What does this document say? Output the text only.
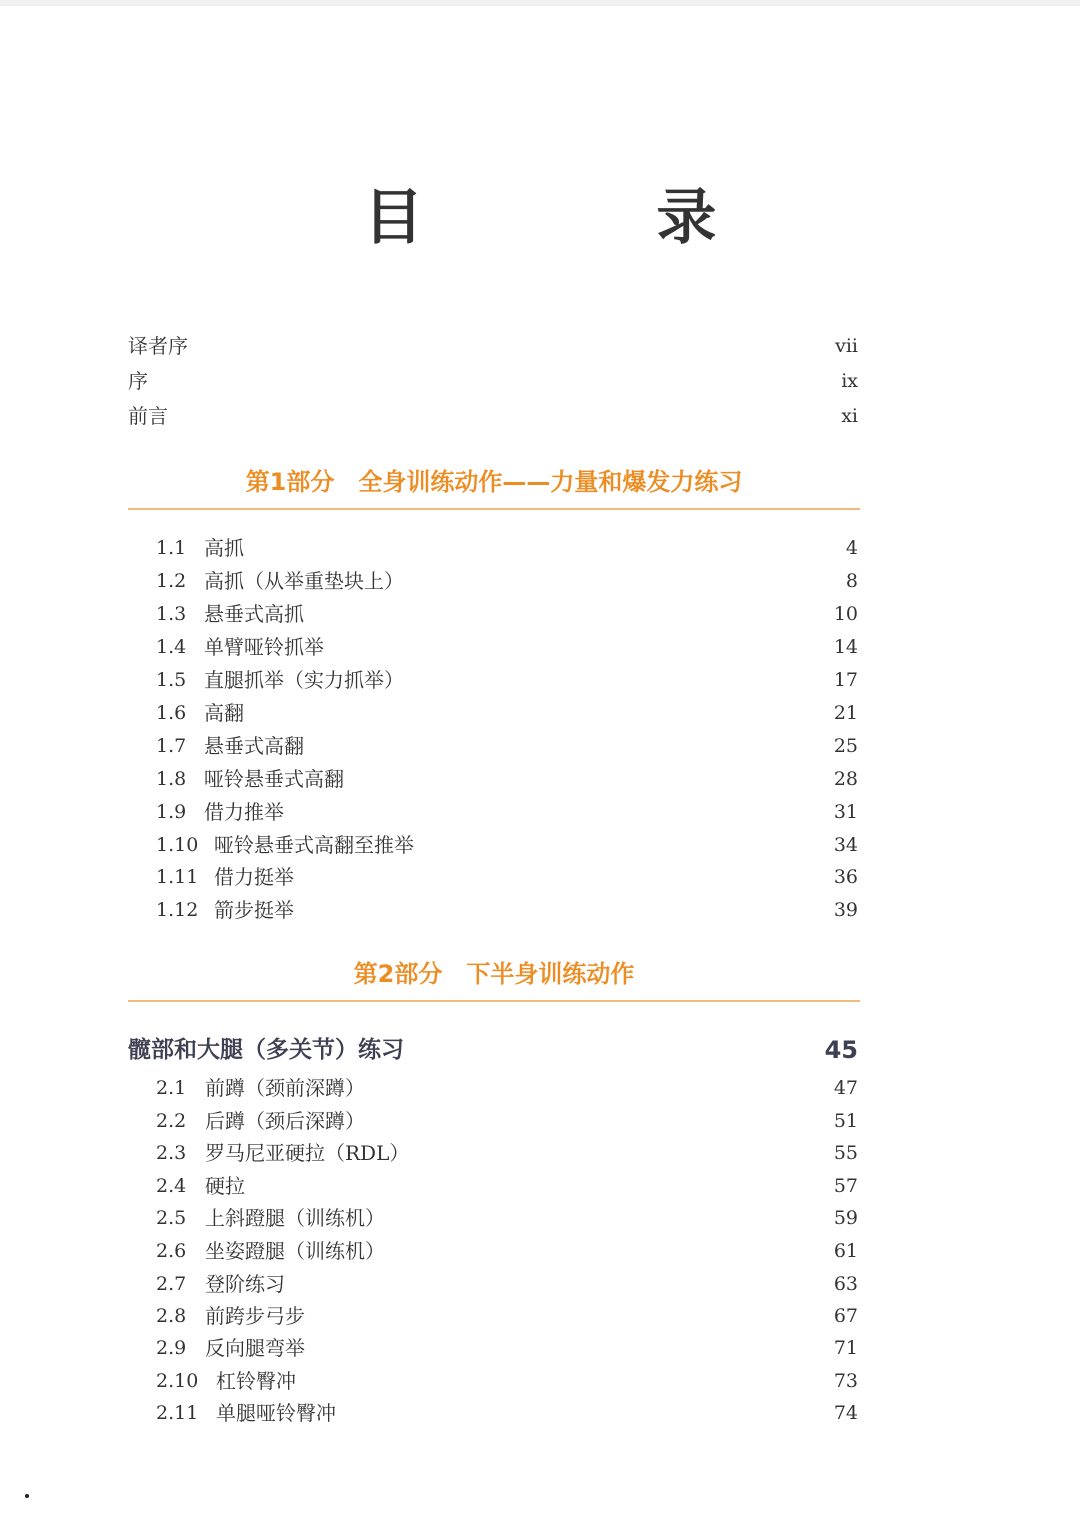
目 录
译者序	vii
序	ix
前言	xi
第1部分　全身训练动作——力量和爆发力练习
1.1 高抓	4
1.2 高抓（从举重垫块上）	8
1.3 悬垂式高抓	10
1.4 单臂哑铃抓举	14
1.5 直腿抓举（实力抓举）	17
1.6 高翻	21
1.7 悬垂式高翻	25
1.8 哑铃悬垂式高翻	28
1.9 借力推举	31
1.10 哑铃悬垂式高翻至推举	34
1.11 借力挺举	36
1.12 箭步挺举	39
第2部分　下半身训练动作
髋部和大腿（多关节）练习	45
2.1 前蹲（颈前深蹲）	47
2.2 后蹲（颈后深蹲）	51
2.3 罗马尼亚硬拉（RDL）	55
2.4 硬拉	57
2.5 上斜蹬腿（训练机）	59
2.6 坐姿蹬腿（训练机）	61
2.7 登阶练习	63
2.8 前跨步弓步	67
2.9 反向腿弯举	71
2.10 杠铃臀冲	73
2.11 单腿哑铃臀冲	74
